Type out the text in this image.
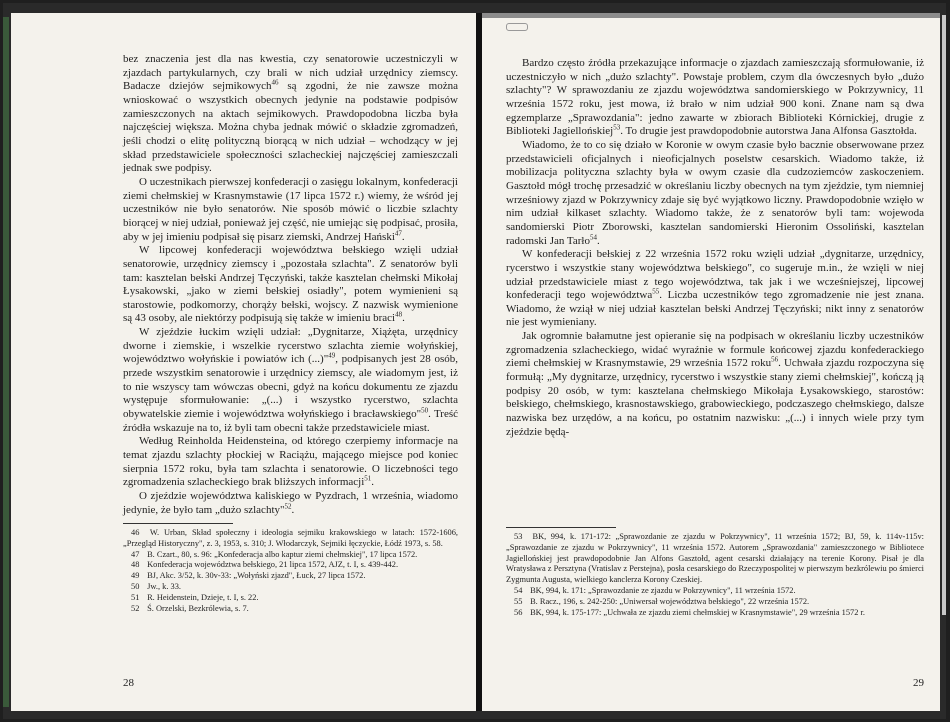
bez znaczenia jest dla nas kwestia, czy senatorowie uczestniczyli w zjazdach partykularnych, czy brali w nich udział urzędnicy ziemscy. Badacze dziejów sejmikowych$^{46}$ są zgodni, że nie zawsze można wnioskować o wszystkich obecnych jedynie na podstawie podpisów zamieszczonych na aktach sejmikowych. Prawdopodobna liczba była najczęściej większa. Można chyba jednak mówić o składzie zgromadzeń, jeśli chodzi o elitę polityczną biorącą w nich udział – wchodzący w jej skład przedstawiciele społeczności szlacheckiej najczęściej zamieszczali jednak swe podpisy.

O uczestnikach pierwszej konfederacji o zasięgu lokalnym, konfederacji ziemi chełmskiej w Krasnymstawie (17 lipca 1572 r.) wiemy, że wśród jej uczestników nie było senatorów. Nie sposób mówić o liczbie szlachty biorącej w niej udział, ponieważ jej część, nie umiejąc się podpisać, prosiła, aby w jej imieniu podpisał się pisarz ziemski, Andrzej Hański$^{47}$.

W lipcowej konfederacji województwa bełskiego wzięli udział senatorowie, urzędnicy ziemscy i „pozostała szlachta". Z senatorów byli tam: kasztelan bełski Andrzej Tęczyński, także kasztelan chełmski Mikołaj Łysakowski, „jako w ziemi bełskiej osiadły", potem wymienieni są starostowie, podkomorzy, chorąży bełski, wojscy. Z nazwisk wymienione są 43 osoby, ale niektórzy podpisują się także w imieniu braci$^{48}$.

W zjeździe łuckim wzięli udział: „Dygnitarze, Xiążęta, urzędnicy dworne i ziemskie, i wszelkie rycerstwo szlachta ziemie wołyńskiej, województwo wołyńskie i powiatów ich (...)"$^{49}$, podpisanych jest 28 osób, przede wszystkim senatorowie i urzędnicy ziemscy, ale wiadomym jest, iż to nie wszyscy tam wówczas obecni, gdyż na końcu dokumentu ze zjazdu występuje sformułowanie: „(...) i wszystko rycerstwo, szlachta obywatelskie ziemie i województwa wołyńskiego i bracławskiego"$^{50}$. Treść źródła wskazuje na to, iż byli tam obecni także przedstawiciele miast.

Według Reinholda Heidensteina, od którego czerpiemy informacje na temat zjazdu szlachty płockiej w Raciążu, mającego miejsce pod koniec sierpnia 1572 roku, była tam szlachta i senatorowie. O liczebności tego zgromadzenia szlacheckiego brak bliższych informacji$^{51}$.

O zjeździe województwa kaliskiego w Pyzdrach, 1 września, wiadomo jedynie, że było tam „dużo szlachty"$^{52}$.

46 W. Urban, Skład społeczny i ideologia sejmiku krakowskiego w latach: 1572-1606, „Przegląd Historyczny", z. 3, 1953, s. 310; J. Włodarczyk, Sejmiki łęczyckie, Łódź 1973, s. 58.
47 B. Czart., 80, s. 96: „Konfederacja albo kaptur ziemi chełmskiej", 17 lipca 1572.
48 Konfederacja województwa bełskiego, 21 lipca 1572, AJZ, t. I, s. 439-442.
49 BJ, Akc. 3/52, k. 30v-33: „Wołyński zjazd", Łuck, 27 lipca 1572.
50 Jw., k. 33.
51 R. Heidenstein, Dzieje, t. I, s. 22.
52 Ś. Orzelski, Bezkrólewia, s. 7.
28

Bardzo często źródła przekazujące informacje o zjazdach zamieszczają sformułowanie, iż uczestniczyło w nich „dużo szlachty". Powstaje problem, czym dla ówczesnych było „dużo szlachty"? W sprawozdaniu ze zjazdu województwa sandomierskiego w Pokrzywnicy, 11 września 1572 roku, jest mowa, iż brało w nim udział 900 koni. Znane nam są dwa egzemplarze „Sprawozdania": jedno zawarte w zbiorach Biblioteki Kórnickiej, drugie z Biblioteki Jagiellońskiej$^{53}$. To drugie jest prawdopodobnie autorstwa Jana Alfonsa Gasztołda.

Wiadomo, że to co się działo w Koronie w owym czasie było bacznie obserwowane przez przedstawicieli oficjalnych i nieoficjalnych poselstw cesarskich. Wiadomo także, iż mobilizacja polityczna szlachty była w owym czasie dla cudzoziemców zaskoczeniem. Gasztołd mógł trochę przesadzić w określaniu liczby obecnych na tym zjeździe, tym niemniej wrześniowy zjazd w Pokrzywnicy zdaje się być wyjątkowo liczny. Prawdopodobnie wzięło w nim udział kilkaset szlachty. Wiadomo także, że z senatorów byli tam: wojewoda sandomierski Piotr Zborowski, kasztelan sandomierski Hieronim Ossoliński, kasztelan radomski Jan Tarło$^{54}$.

W konfederacji bełskiej z 22 września 1572 roku wzięli udział „dygnitarze, urzędnicy, rycerstwo i wszystkie stany województwa bełskiego", co sugeruje m.in., że wzięli w niej udział przedstawiciele miast z tego województwa, tak jak i we wcześniejszej, lipcowej konfederacji tego województwa$^{55}$. Liczba uczestników tego zgromadzenie nie jest znana. Wiadomo, że wziął w niej udział kasztelan bełski Andrzej Tęczyński; nikt inny z senatorów nie jest wymieniany.

Jak ogromnie bałamutne jest opieranie się na podpisach w określaniu liczby uczestników zgromadzenia szlacheckiego, widać wyraźnie w formule końcowej zjazdu konfederackiego ziemi chełmskiej w Krasnymstawie, 29 września 1572 roku$^{56}$. Uchwała zjazdu rozpoczyna się formułą: „My dygnitarze, urzędnicy, rycerstwo i wszystkie stany ziemi chełmskiej", kończą ją podpisy 20 osób, w tym: kasztelana chełmskiego Mikołaja Łysakowskiego, starostów: bełskiego, chełmskiego, krasnostawskiego, grabowieckiego, podczaszego chełmskiego, dalsze nazwiska bez urzędów, a na końcu, po ostatnim nazwisku: „(...) i innych wiele przy tym zjeździe będą-

53 BK, 994, k. 171-172: „Sprawozdanie ze zjazdu w Pokrzywnicy", 11 września 1572; BJ, 59, k. 114v-115v: „Sprawozdanie ze zjazdu w Pokrzywnicy", 11 września 1572. Autorem „Sprawozdania" zamieszczonego w Bibliotece Jagiellońskiej jest prawdopodobnie Jan Alfons Gasztołd, agent cesarski działający na terenie Korony. Pisał je dla Wratysława z Persztyna (Vratislav z Perstejna), posła cesarskiego do Rzeczypospolitej w pierwszym bezkrólewiu po śmierci Zygmunta Augusta, wielkiego kanclerza Korony Czeskiej.
54 BK, 994, k. 171: „Sprawozdanie ze zjazdu w Pokrzywnicy", 11 września 1572.
55 B. Racz., 196, s. 242-250: „Uniwersał województwa bełskiego", 22 września 1572.
56 BK, 994, k. 175-177: „Uchwała ze zjazdu ziemi chełmskiej w Krasnymstawie", 29 września 1572 r.
29
